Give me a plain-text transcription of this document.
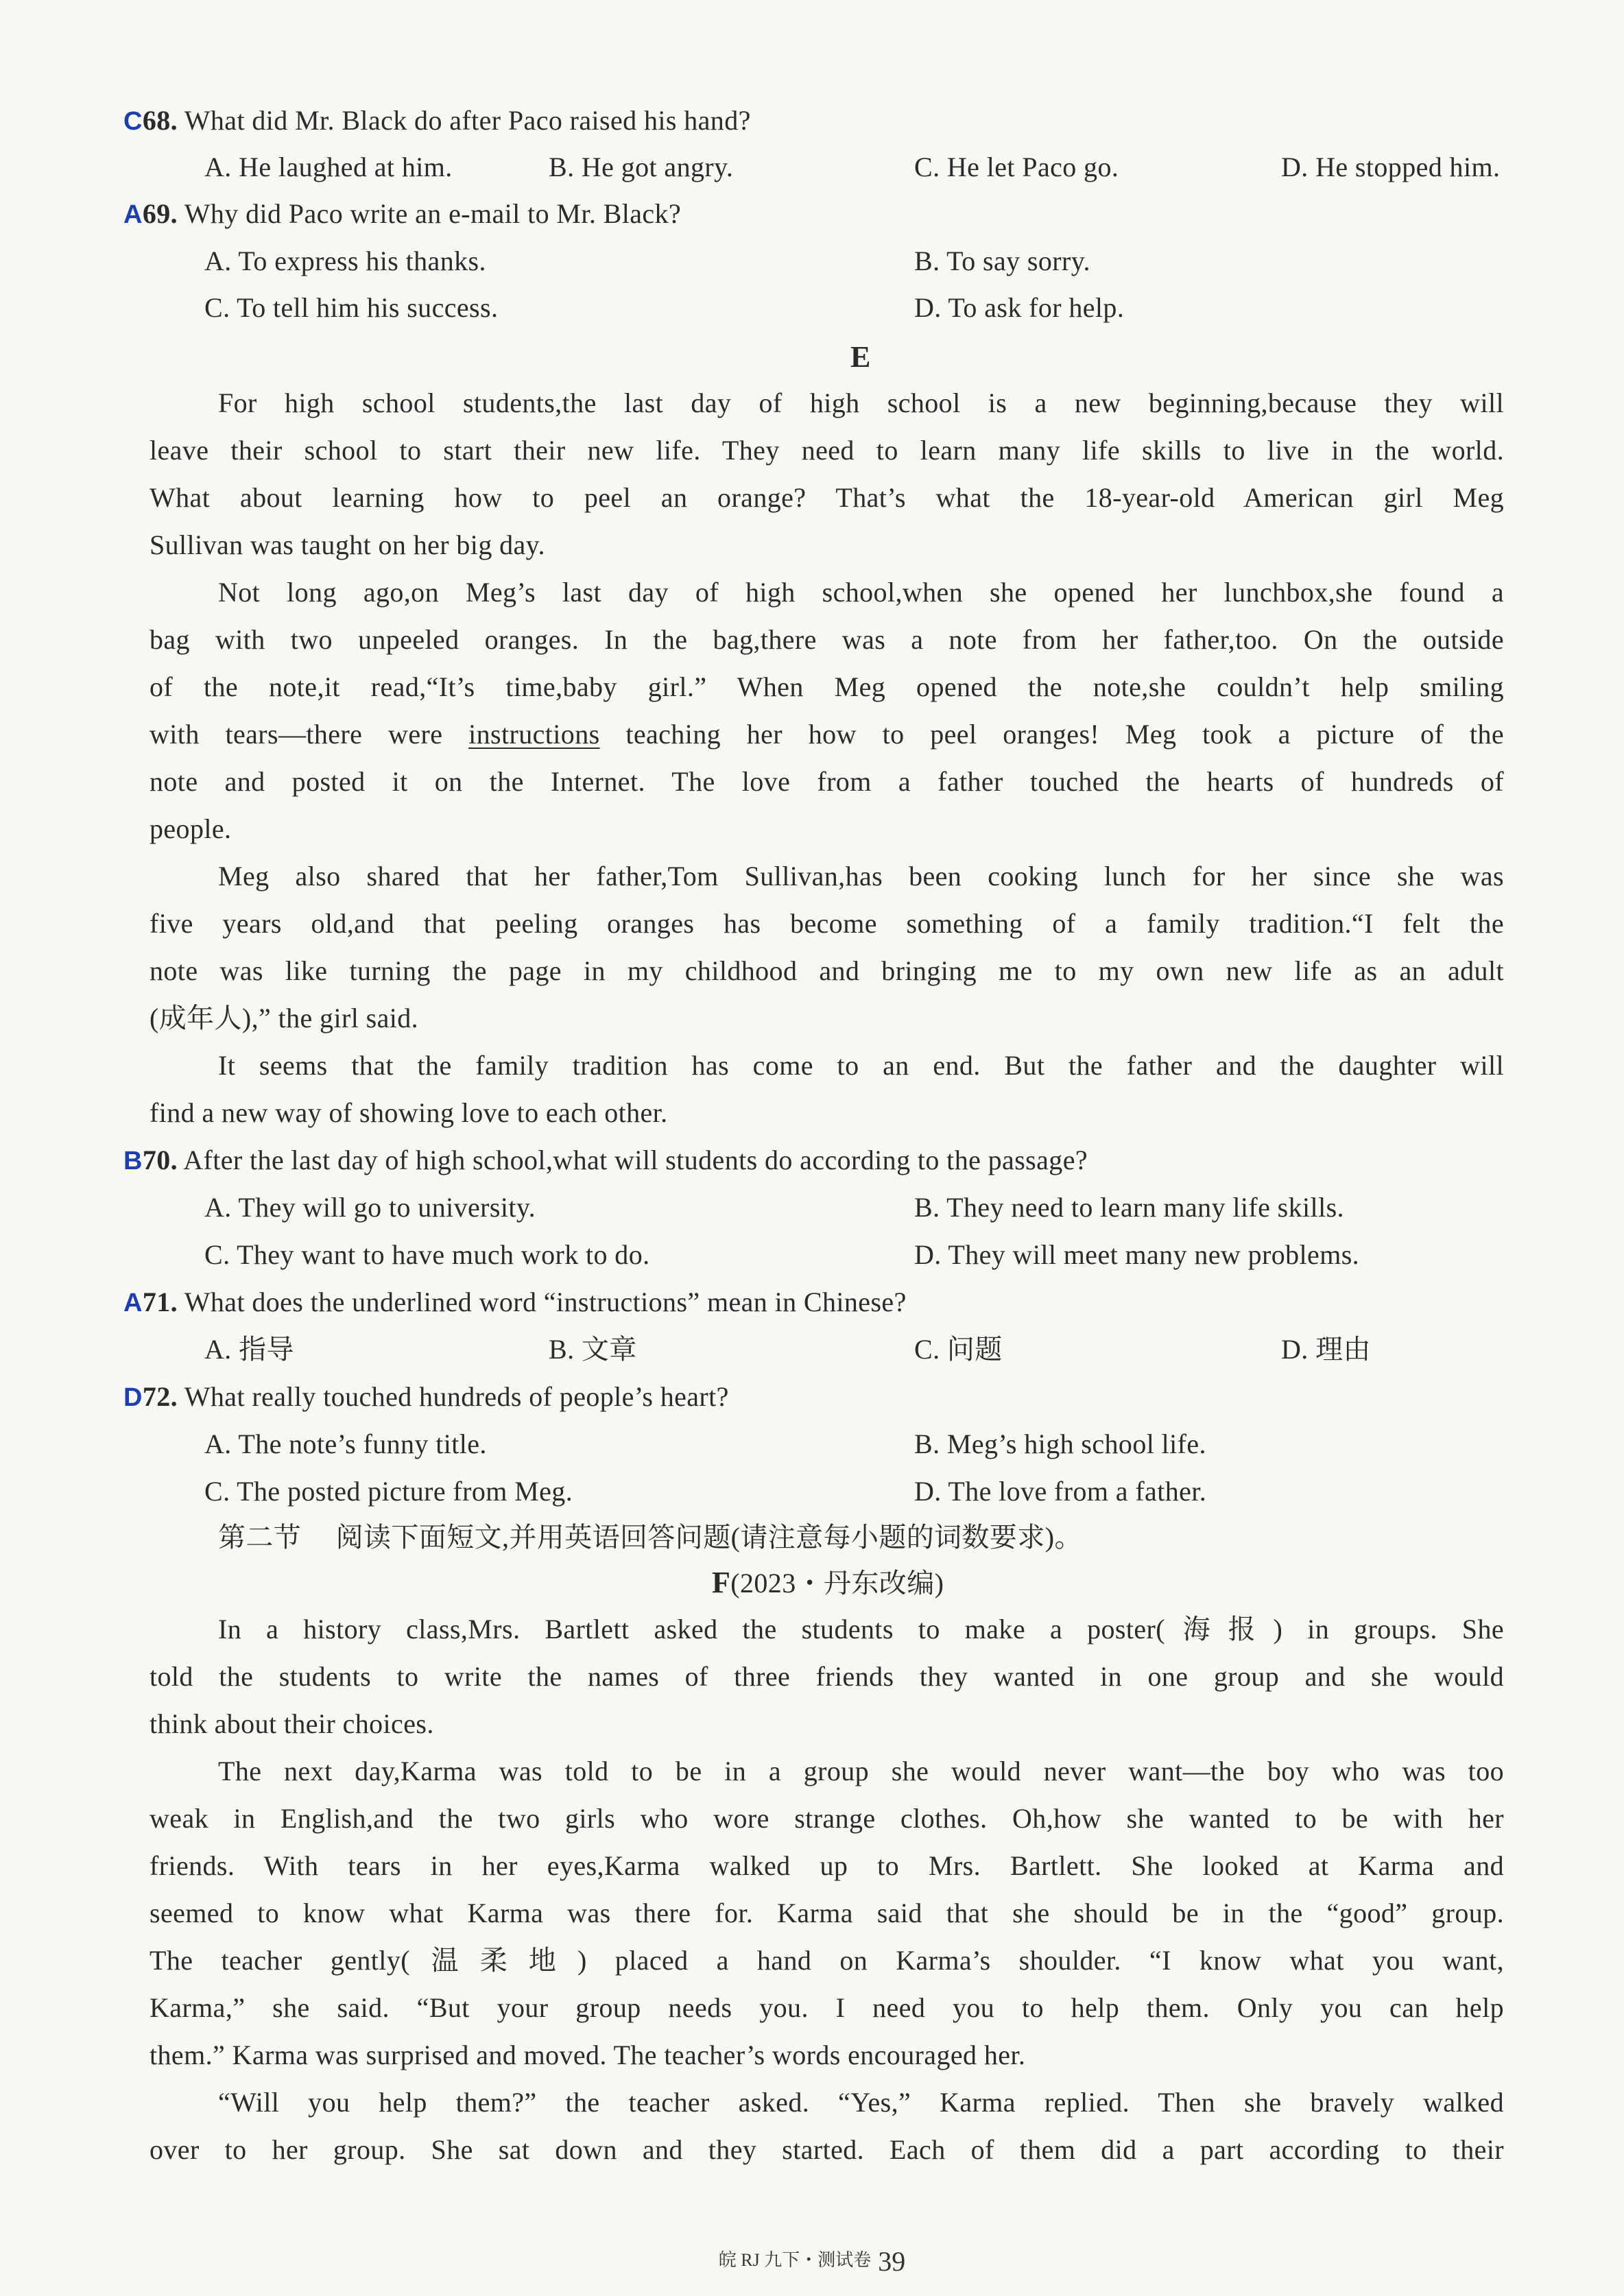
C68. What did Mr. Black do after Paco raised his hand?
A. He laughed at him.	B. He got angry.	C. He let Paco go.	D. He stopped him.
A69. Why did Paco write an e-mail to Mr. Black?
A. To express his thanks.	B. To say sorry.
C. To tell him his success.	D. To ask for help.
E
For high school students,the last day of high school is a new beginning,because they will
leave their school to start their new life. They need to learn many life skills to live in the world.
What about learning how to peel an orange? That’s what the 18-year-old American girl Meg
Sullivan was taught on her big day.
Not long ago,on Meg’s last day of high school,when she opened her lunchbox,she found a
bag with two unpeeled oranges. In the bag,there was a note from her father,too. On the outside
of the note,it read,“It’s time,baby girl.” When Meg opened the note,she couldn’t help smiling
with tears—there were instructions teaching her how to peel oranges! Meg took a picture of the
note and posted it on the Internet. The love from a father touched the hearts of hundreds of
people.
Meg also shared that her father,Tom Sullivan,has been cooking lunch for her since she was
five years old,and that peeling oranges has become something of a family tradition.“I felt the
note was like turning the page in my childhood and bringing me to my own new life as an adult
(成年人),” the girl said.
It seems that the family tradition has come to an end. But the father and the daughter will
find a new way of showing love to each other.
B70. After the last day of high school,what will students do according to the passage?
A. They will go to university.	B. They need to learn many life skills.
C. They want to have much work to do.	D. They will meet many new problems.
A71. What does the underlined word “instructions” mean in Chinese?
A. 指导	B. 文章	C. 问题	D. 理由
D72. What really touched hundreds of people’s heart?
A. The note’s funny title.	B. Meg’s high school life.
C. The posted picture from Meg.	D. The love from a father.
第二节 阅读下面短文,并用英语回答问题(请注意每小题的词数要求)。
F(2023・丹东改编)
In a history class,Mrs. Bartlett asked the students to make a poster(海报) in groups. She
told the students to write the names of three friends they wanted in one group and she would
think about their choices.
The next day,Karma was told to be in a group she would never want—the boy who was too
weak in English,and the two girls who wore strange clothes. Oh,how she wanted to be with her
friends. With tears in her eyes,Karma walked up to Mrs. Bartlett. She looked at Karma and
seemed to know what Karma was there for. Karma said that she should be in the “good” group.
The teacher gently(温柔地) placed a hand on Karma’s shoulder. “I know what you want,
Karma,” she said. “But your group needs you. I need you to help them. Only you can help
them.” Karma was surprised and moved. The teacher’s words encouraged her.
“Will you help them?” the teacher asked. “Yes,” Karma replied. Then she bravely walked
over to her group. She sat down and they started. Each of them did a part according to their
皖 RJ 九下・测试卷 39
